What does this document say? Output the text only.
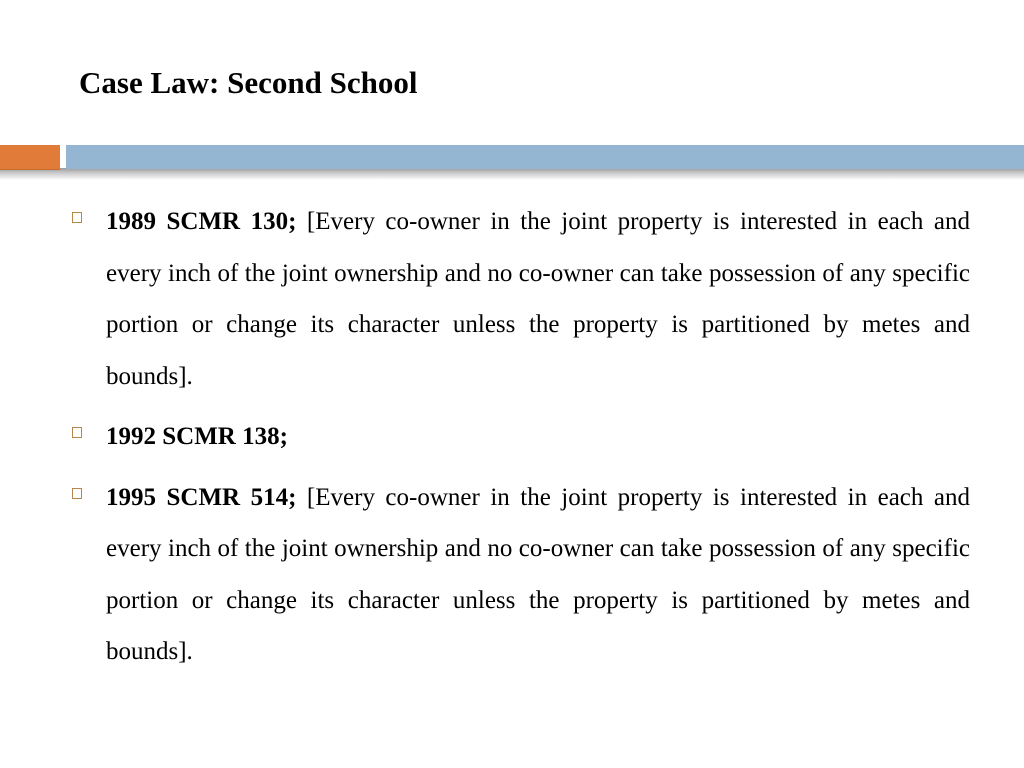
Case Law: Second School
1989 SCMR 130; [Every co-owner in the joint property is interested in each and every inch of the joint ownership and no co-owner can take possession of any specific portion or change its character unless the property is partitioned by metes and bounds].
1992 SCMR 138;
1995 SCMR 514; [Every co-owner in the joint property is interested in each and every inch of the joint ownership and no co-owner can take possession of any specific portion or change its character unless the property is partitioned by metes and bounds].
